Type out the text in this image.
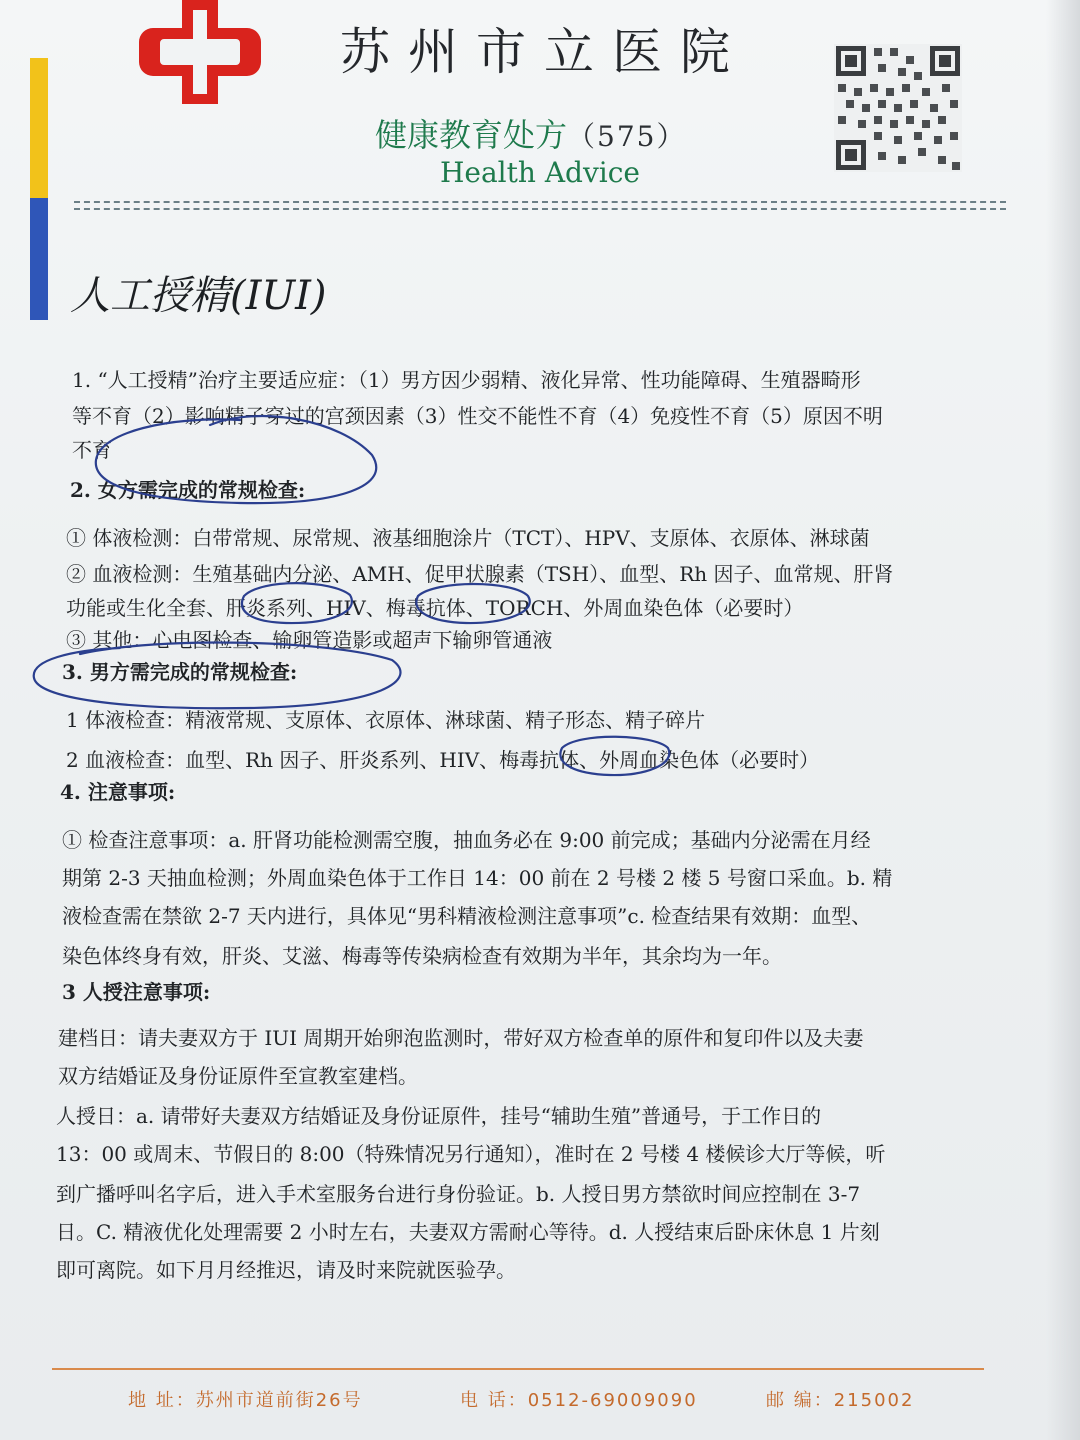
苏州市立医院
健康教育处方（575）
Health Advice
人工授精(IUI)
1. “人工授精”治疗主要适应症：（1）男方因少弱精、液化异常、性功能障碍、生殖器畸形
等不育（2）影响精子穿过的宫颈因素（3）性交不能性不育（4）免疫性不育（5）原因不明
不育
2. 女方需完成的常规检查:
① 体液检测：白带常规、尿常规、液基细胞涂片（TCT）、HPV、支原体、衣原体、淋球菌
② 血液检测：生殖基础内分泌、AMH、促甲状腺素（TSH）、血型、Rh 因子、血常规、肝肾
功能或生化全套、肝炎系列、HIV、梅毒抗体、TORCH、外周血染色体（必要时）
③ 其他：心电图检查、输卵管造影或超声下输卵管通液
3. 男方需完成的常规检查:
1 体液检查：精液常规、支原体、衣原体、淋球菌、精子形态、精子碎片
2 血液检查：血型、Rh 因子、肝炎系列、HIV、梅毒抗体、外周血染色体（必要时）
4. 注意事项:
① 检查注意事项：a. 肝肾功能检测需空腹，抽血务必在 9:00 前完成；基础内分泌需在月经
期第 2-3 天抽血检测；外周血染色体于工作日 14：00 前在 2 号楼 2 楼 5 号窗口采血。b. 精
液检查需在禁欲 2-7 天内进行，具体见“男科精液检测注意事项”c. 检查结果有效期：血型、
染色体终身有效，肝炎、艾滋、梅毒等传染病检查有效期为半年，其余均为一年。
3 人授注意事项:
建档日：请夫妻双方于 IUI 周期开始卵泡监测时，带好双方检查单的原件和复印件以及夫妻
双方结婚证及身份证原件至宣教室建档。
人授日：a. 请带好夫妻双方结婚证及身份证原件，挂号“辅助生殖”普通号，于工作日的
13：00 或周末、节假日的 8:00（特殊情况另行通知），准时在 2 号楼 4 楼候诊大厅等候，听
到广播呼叫名字后，进入手术室服务台进行身份验证。b. 人授日男方禁欲时间应控制在 3-7
日。C. 精液优化处理需要 2 小时左右，夫妻双方需耐心等待。d. 人授结束后卧床休息 1 片刻
即可离院。如下月月经推迟，请及时来院就医验孕。
地 址：苏州市道前街26号	电 话：0512-69009090	邮 编：215002
